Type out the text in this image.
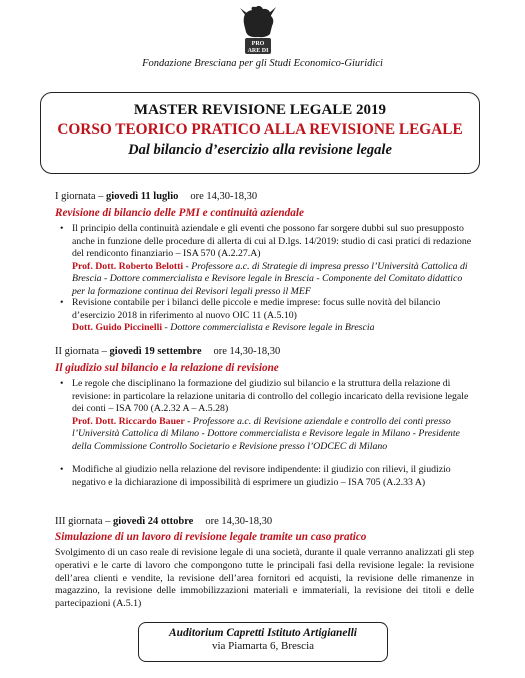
PRO
ARE DI
Fondazione Bresciana per gli Studi Economico-Giuridici
MASTER REVISIONE LEGALE 2019
CORSO TEORICO PRATICO ALLA REVISIONE LEGALE
Dal bilancio d’esercizio alla revisione legale
I giornata – giovedì 11 luglio ore 14,30-18,30
Revisione di bilancio delle PMI e continuità aziendale
• Il principio della continuità aziendale e gli eventi che possono far sorgere dubbi sul suo presupposto anche in funzione delle procedure di allerta di cui al D.lgs. 14/2019: studio di casi pratici di redazione del rendiconto finanziario – ISA 570 (A.2.27.A)
Prof. Dott. Roberto Belotti - Professore a.c. di Strategie di impresa presso l’Università Cattolica di Brescia - Dottore commercialista e Revisore legale in Brescia - Componente del Comitato didattico per la formazione continua dei Revisori legali presso il MEF
• Revisione contabile per i bilanci delle piccole e medie imprese: focus sulle novità del bilancio d’esercizio 2018 in riferimento al nuovo OIC 11 (A.5.10)
Dott. Guido Piccinelli - Dottore commercialista e Revisore legale in Brescia
II giornata – giovedì 19 settembre ore 14,30-18,30
Il giudizio sul bilancio e la relazione di revisione
• Le regole che disciplinano la formazione del giudizio sul bilancio e la struttura della relazione di revisione: in particolare la relazione unitaria di controllo del collegio incaricato della revisione legale dei conti – ISA 700 (A.2.32 A – A.5.28)
Prof. Dott. Riccardo Bauer - Professore a.c. di Revisione aziendale e controllo dei conti presso l’Università Cattolica di Milano - Dottore commercialista e Revisore legale in Milano - Presidente della Commissione Controllo Societario e Revisione presso l’ODCEC di Milano
• Modifiche al giudizio nella relazione del revisore indipendente: il giudizio con rilievi, il giudizio negativo e la dichiarazione di impossibilità di esprimere un giudizio – ISA 705 (A.2.33 A)
III giornata – giovedì 24 ottobre ore 14,30-18,30
Simulazione di un lavoro di revisione legale tramite un caso pratico
Svolgimento di un caso reale di revisione legale di una società, durante il quale verranno analizzati gli step operativi e le carte di lavoro che compongono tutte le principali fasi della revisione legale: la revisione dell’area clienti e vendite, la revisione dell’area fornitori ed acquisti, la revisione delle rimanenze in magazzino, la revisione delle immobilizzazioni materiali e immateriali, la revisione dei titoli e delle partecipazioni (A.5.1)
Auditorium Capretti Istituto Artigianelli
via Piamarta 6, Brescia
